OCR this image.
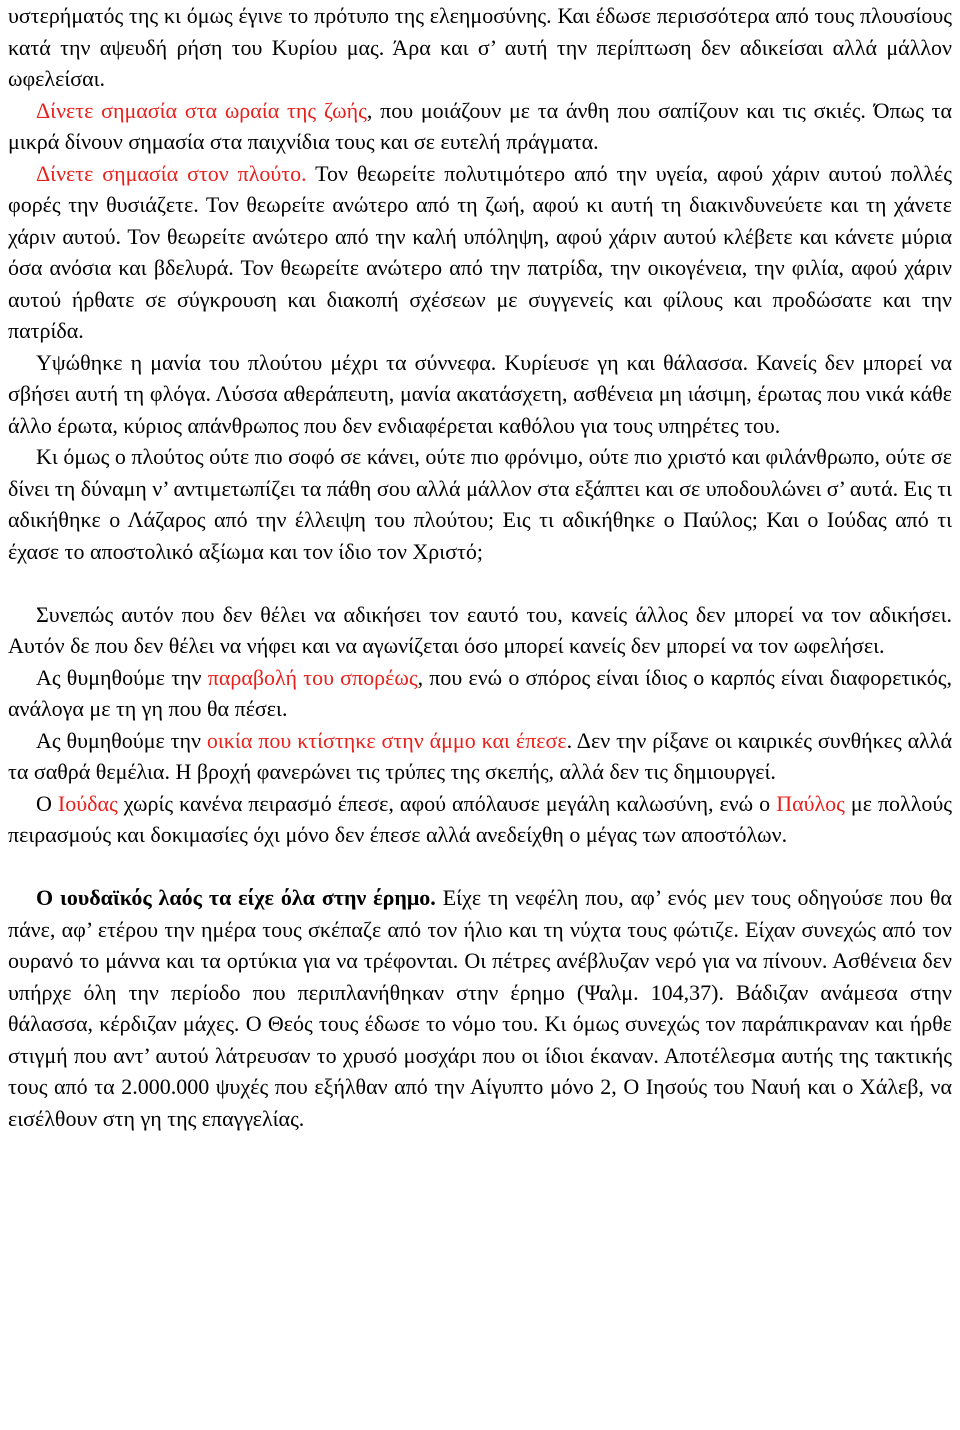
υστερήματός της κι όμως έγινε το πρότυπο της ελεημοσύνης. Και έδωσε περισσότερα από τους πλουσίους κατά την αψευδή ρήση του Κυρίου μας. Άρα και σ’ αυτή την περίπτωση δεν αδικείσαι αλλά μάλλον ωφελείσαι.

Δίνετε σημασία στα ωραία της ζωής, που μοιάζουν με τα άνθη που σαπίζουν και τις σκιές. Όπως τα μικρά δίνουν σημασία στα παιχνίδια τους και σε ευτελή πράγματα.

Δίνετε σημασία στον πλούτο. Τον θεωρείτε πολυτιμότερο από την υγεία, αφού χάριν αυτού πολλές φορές την θυσιάζετε. Τον θεωρείτε ανώτερο από τη ζωή, αφού κι αυτή τη διακινδυνεύετε και τη χάνετε χάριν αυτού. Τον θεωρείτε ανώτερο από την καλή υπόληψη, αφού χάριν αυτού κλέβετε και κάνετε μύρια όσα ανόσια και βδελυρά. Τον θεωρείτε ανώτερο από την πατρίδα, την οικογένεια, την φιλία, αφού χάριν αυτού ήρθατε σε σύγκρουση και διακοπή σχέσεων με συγγενείς και φίλους και προδώσατε και την πατρίδα.

Υψώθηκε η μανία του πλούτου μέχρι τα σύννεφα. Κυρίευσε γη και θάλασσα. Κανείς δεν μπορεί να σβήσει αυτή τη φλόγα. Λύσσα αθεράπευτη, μανία ακατάσχετη, ασθένεια μη ιάσιμη, έρωτας που νικά κάθε άλλο έρωτα, κύριος απάνθρωπος που δεν ενδιαφέρεται καθόλου για τους υπηρέτες του.

Κι όμως ο πλούτος ούτε πιο σοφό σε κάνει, ούτε πιο φρόνιμο, ούτε πιο χριστό και φιλάνθρωπο, ούτε σε δίνει τη δύναμη ν’ αντιμετωπίζει τα πάθη σου αλλά μάλλον στα εξάπτει και σε υποδουλώνει σ’ αυτά. Εις τι αδικήθηκε ο Λάζαρος από την έλλειψη του πλούτου; Εις τι αδικήθηκε ο Παύλος; Και ο Ιούδας από τι έχασε το αποστολικό αξίωμα και τον ίδιο τον Χριστό;

Συνεπώς αυτόν που δεν θέλει να αδικήσει τον εαυτό του, κανείς άλλος δεν μπορεί να τον αδικήσει. Αυτόν δε που δεν θέλει να νήφει και να αγωνίζεται όσο μπορεί κανείς δεν μπορεί να τον ωφελήσει.

Ας θυμηθούμε την παραβολή του σπορέως, που ενώ ο σπόρος είναι ίδιος ο καρπός είναι διαφορετικός, ανάλογα με τη γη που θα πέσει.

Ας θυμηθούμε την οικία που κτίστηκε στην άμμο και έπεσε. Δεν την ρίξανε οι καιρικές συνθήκες αλλά τα σαθρά θεμέλια. Η βροχή φανερώνει τις τρύπες της σκεπής, αλλά δεν τις δημιουργεί.

Ο Ιούδας χωρίς κανένα πειρασμό έπεσε, αφού απόλαυσε μεγάλη καλωσύνη, ενώ ο Παύλος με πολλούς πειρασμούς και δοκιμασίες όχι μόνο δεν έπεσε αλλά ανεδείχθη ο μέγας των αποστόλων.

Ο ιουδαϊκός λαός τα είχε όλα στην έρημο. Είχε τη νεφέλη που, αφ’ ενός μεν τους οδηγούσε που θα πάνε, αφ’ ετέρου την ημέρα τους σκέπαζε από τον ήλιο και τη νύχτα τους φώτιζε. Είχαν συνεχώς από τον ουρανό το μάννα και τα ορτύκια για να τρέφονται. Οι πέτρες ανέβλυζαν νερό για να πίνουν. Ασθένεια δεν υπήρχε όλη την περίοδο που περιπλανήθηκαν στην έρημο (Ψαλμ. 104,37). Βάδιζαν ανάμεσα στην θάλασσα, κέρδιζαν μάχες. Ο Θεός τους έδωσε το νόμο του. Κι όμως συνεχώς τον παράπικραναν και ήρθε στιγμή που αντ’ αυτού λάτρευσαν το χρυσό μοσχάρι που οι ίδιοι έκαναν. Αποτέλεσμα αυτής της τακτικής τους από τα 2.000.000 ψυχές που εξήλθαν από την Αίγυπτο μόνο 2, Ο Ιησούς του Ναυή και ο Χάλεβ, να εισέλθουν στη γη της επαγγελίας.
